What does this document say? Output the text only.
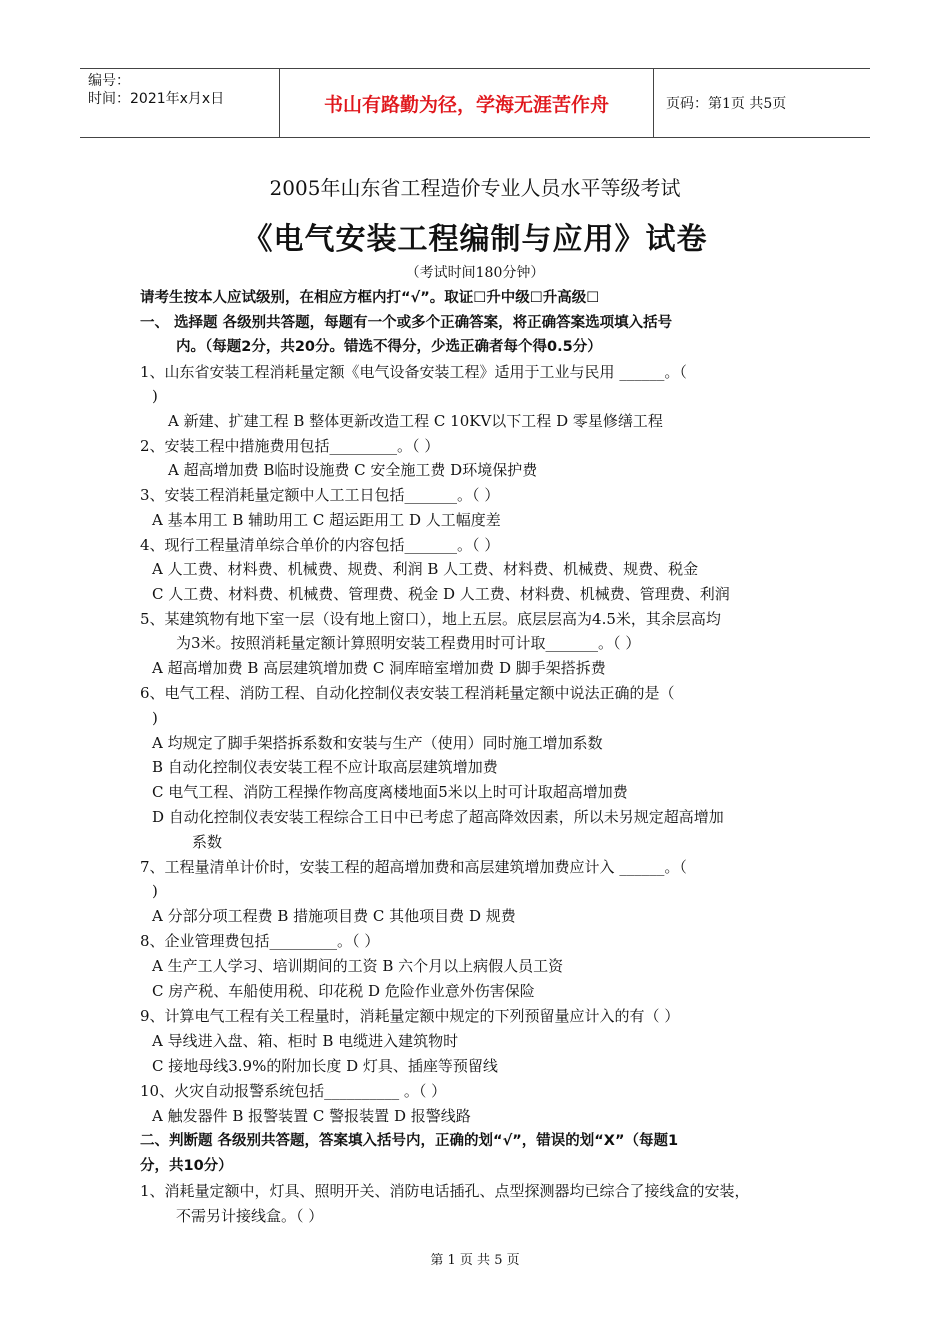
编号：
时间：2021年x月x日	书山有路勤为径，学海无涯苦作舟	页码：第1页 共5页
2005年山东省工程造价专业人员水平等级考试
《电气安装工程编制与应用》试卷
（考试时间180分钟）
请考生按本人应试级别，在相应方框内打“√”。取证☐升中级☐升高级☐
一、 选择题 各级别共答题，每题有一个或多个正确答案，将正确答案选项填入括号
内。（每题2分，共20分。错选不得分，少选正确者每个得0.5分）
1、山东省安装工程消耗量定额《电气设备安装工程》适用于工业与民用 ______。（
)
A 新建、扩建工程 B 整体更新改造工程 C 10KV以下工程 D 零星修缮工程
2、安装工程中措施费用包括_________。（ ）
A 超高增加费 B临时设施费 C 安全施工费 D环境保护费
3、安装工程消耗量定额中人工工日包括_______。（ ）
A 基本用工 B 辅助用工 C 超运距用工 D 人工幅度差
4、现行工程量清单综合单价的内容包括_______。（ ）
A 人工费、材料费、机械费、规费、利润 B 人工费、材料费、机械费、规费、税金
C 人工费、材料费、机械费、管理费、税金 D 人工费、材料费、机械费、管理费、利润
5、某建筑物有地下室一层（设有地上窗口），地上五层。底层层高为4.5米，其余层高均
为3米。按照消耗量定额计算照明安装工程费用时可计取_______。（ ）
A 超高增加费 B 高层建筑增加费 C 洞库暗室增加费 D 脚手架搭拆费
6、电气工程、消防工程、自动化控制仪表安装工程消耗量定额中说法正确的是（
)
A 均规定了脚手架搭拆系数和安装与生产（使用）同时施工增加系数
B 自动化控制仪表安装工程不应计取高层建筑增加费
C 电气工程、消防工程操作物高度离楼地面5米以上时可计取超高增加费
D 自动化控制仪表安装工程综合工日中已考虑了超高降效因素，所以未另规定超高增加
系数
7、工程量清单计价时，安装工程的超高增加费和高层建筑增加费应计入 ______。（
)
A 分部分项工程费 B 措施项目费 C 其他项目费 D 规费
8、企业管理费包括_________。（ ）
A 生产工人学习、培训期间的工资 B 六个月以上病假人员工资
C 房产税、车船使用税、印花税 D 危险作业意外伤害保险
9、计算电气工程有关工程量时，消耗量定额中规定的下列预留量应计入的有（ ）
A 导线进入盘、箱、柜时 B 电缆进入建筑物时
C 接地母线3.9%的附加长度 D 灯具、插座等预留线
10、火灾自动报警系统包括__________ 。（ ）
A 触发器件 B 报警装置 C 警报装置 D 报警线路
二、判断题 各级别共答题，答案填入括号内，正确的划“√”，错误的划“X”（每题1
分，共10分）
1、消耗量定额中，灯具、照明开关、消防电话插孔、点型探测器均已综合了接线盒的安装，
不需另计接线盒。（ ）
第 1 页 共 5 页
